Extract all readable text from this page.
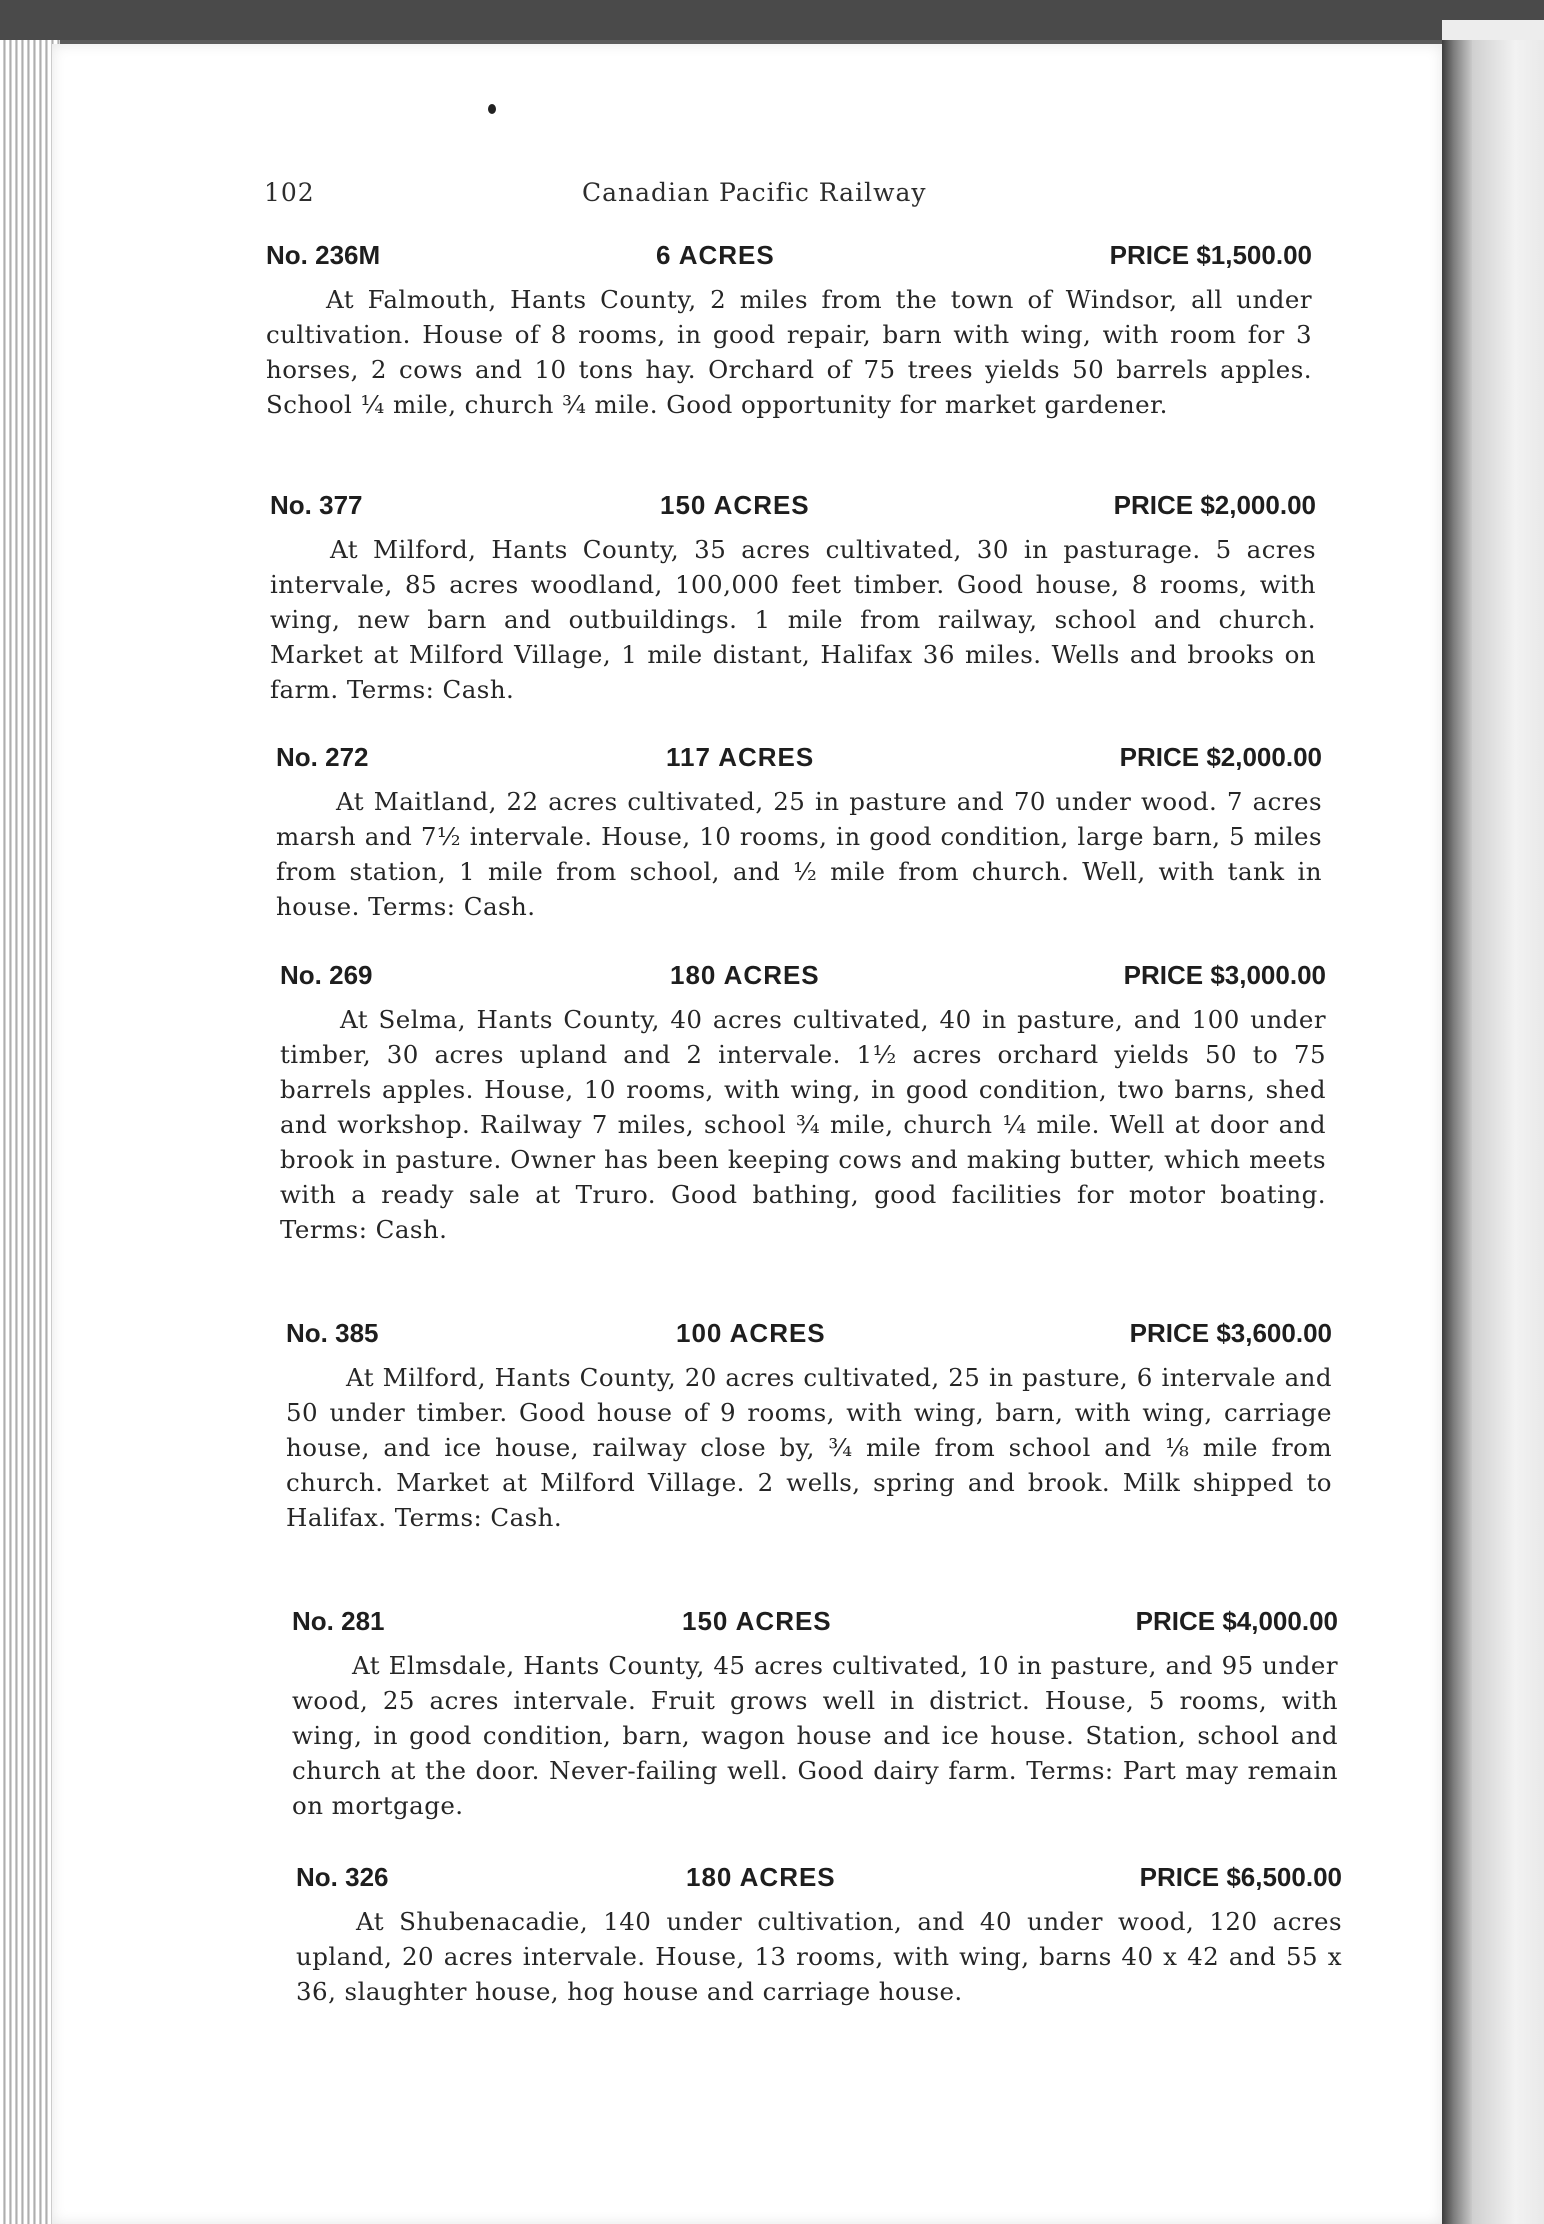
102	Canadian Pacific Railway
No. 236M	6 ACRES	PRICE $1,500.00
At Falmouth, Hants County, 2 miles from the town of Windsor, all under cultivation. House of 8 rooms, in good repair, barn with wing, with room for 3 horses, 2 cows and 10 tons hay. Orchard of 75 trees yields 50 barrels apples. School ¼ mile, church ¾ mile. Good opportunity for market gardener.
No. 377	150 ACRES	PRICE $2,000.00
At Milford, Hants County, 35 acres cultivated, 30 in pasturage. 5 acres intervale, 85 acres woodland, 100,000 feet timber. Good house, 8 rooms, with wing, new barn and outbuildings. 1 mile from railway, school and church. Market at Milford Village, 1 mile distant, Halifax 36 miles. Wells and brooks on farm. Terms: Cash.
No. 272	117 ACRES	PRICE $2,000.00
At Maitland, 22 acres cultivated, 25 in pasture and 70 under wood. 7 acres marsh and 7½ intervale. House, 10 rooms, in good condition, large barn, 5 miles from station, 1 mile from school, and ½ mile from church. Well, with tank in house. Terms: Cash.
No. 269	180 ACRES	PRICE $3,000.00
At Selma, Hants County, 40 acres cultivated, 40 in pasture, and 100 under timber, 30 acres upland and 2 intervale. 1½ acres orchard yields 50 to 75 barrels apples. House, 10 rooms, with wing, in good condition, two barns, shed and workshop. Railway 7 miles, school ¾ mile, church ¼ mile. Well at door and brook in pasture. Owner has been keeping cows and making butter, which meets with a ready sale at Truro. Good bathing, good facilities for motor boating. Terms: Cash.
No. 385	100 ACRES	PRICE $3,600.00
At Milford, Hants County, 20 acres cultivated, 25 in pasture, 6 intervale and 50 under timber. Good house of 9 rooms, with wing, barn, with wing, carriage house, and ice house, railway close by, ¾ mile from school and ⅛ mile from church. Market at Milford Village. 2 wells, spring and brook. Milk shipped to Halifax. Terms: Cash.
No. 281	150 ACRES	PRICE $4,000.00
At Elmsdale, Hants County, 45 acres cultivated, 10 in pasture, and 95 under wood, 25 acres intervale. Fruit grows well in district. House, 5 rooms, with wing, in good condition, barn, wagon house and ice house. Station, school and church at the door. Never-failing well. Good dairy farm. Terms: Part may remain on mortgage.
No. 326	180 ACRES	PRICE $6,500.00
At Shubenacadie, 140 under cultivation, and 40 under wood, 120 acres upland, 20 acres intervale. House, 13 rooms, with wing, barns 40 x 42 and 55 x 36, slaughter house, hog house and carriage house.
